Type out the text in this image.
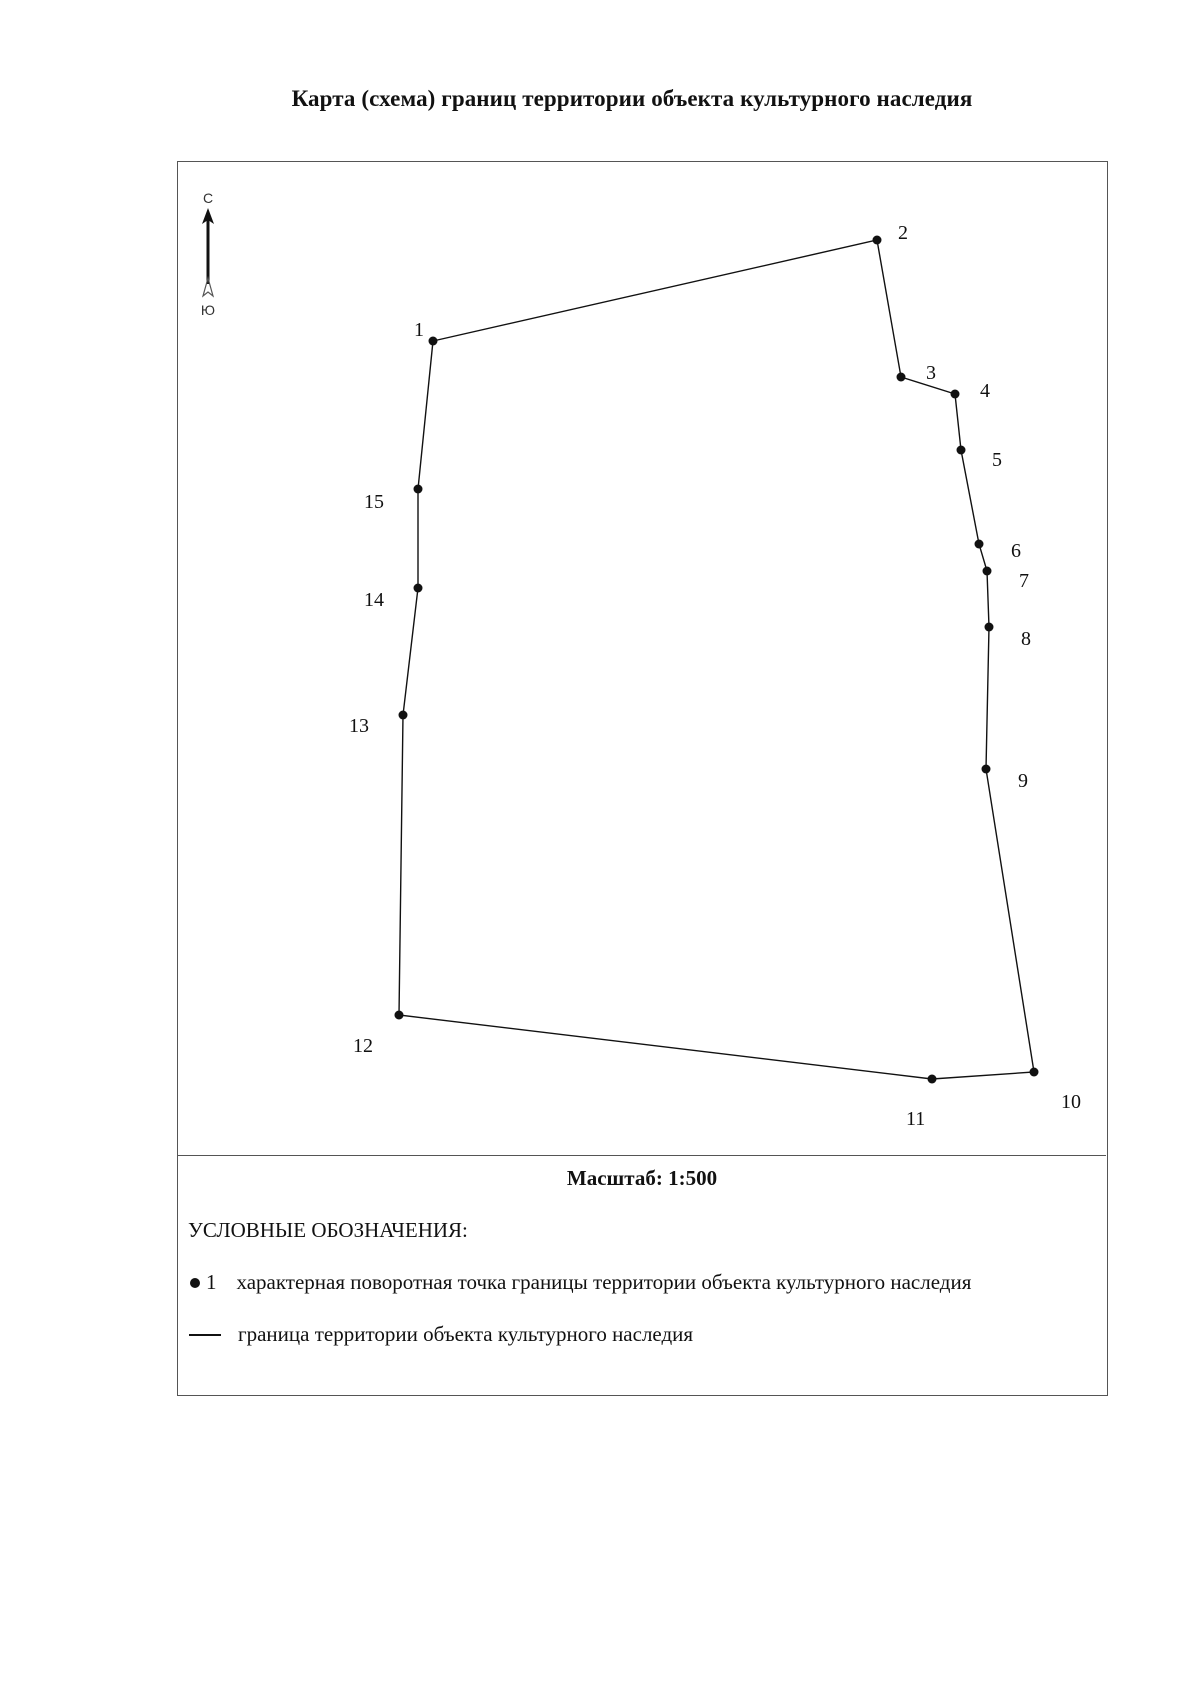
Карта (схема) границ территории объекта культурного наследия
1
2
3
4
5
6
7
8
9
10
11
12
13
14
15
С
Ю
Масштаб: 1:500
УСЛОВНЫЕ ОБОЗНАЧЕНИЯ:
1 характерная поворотная точка границы территории объекта культурного наследия
граница территории объекта культурного наследия
